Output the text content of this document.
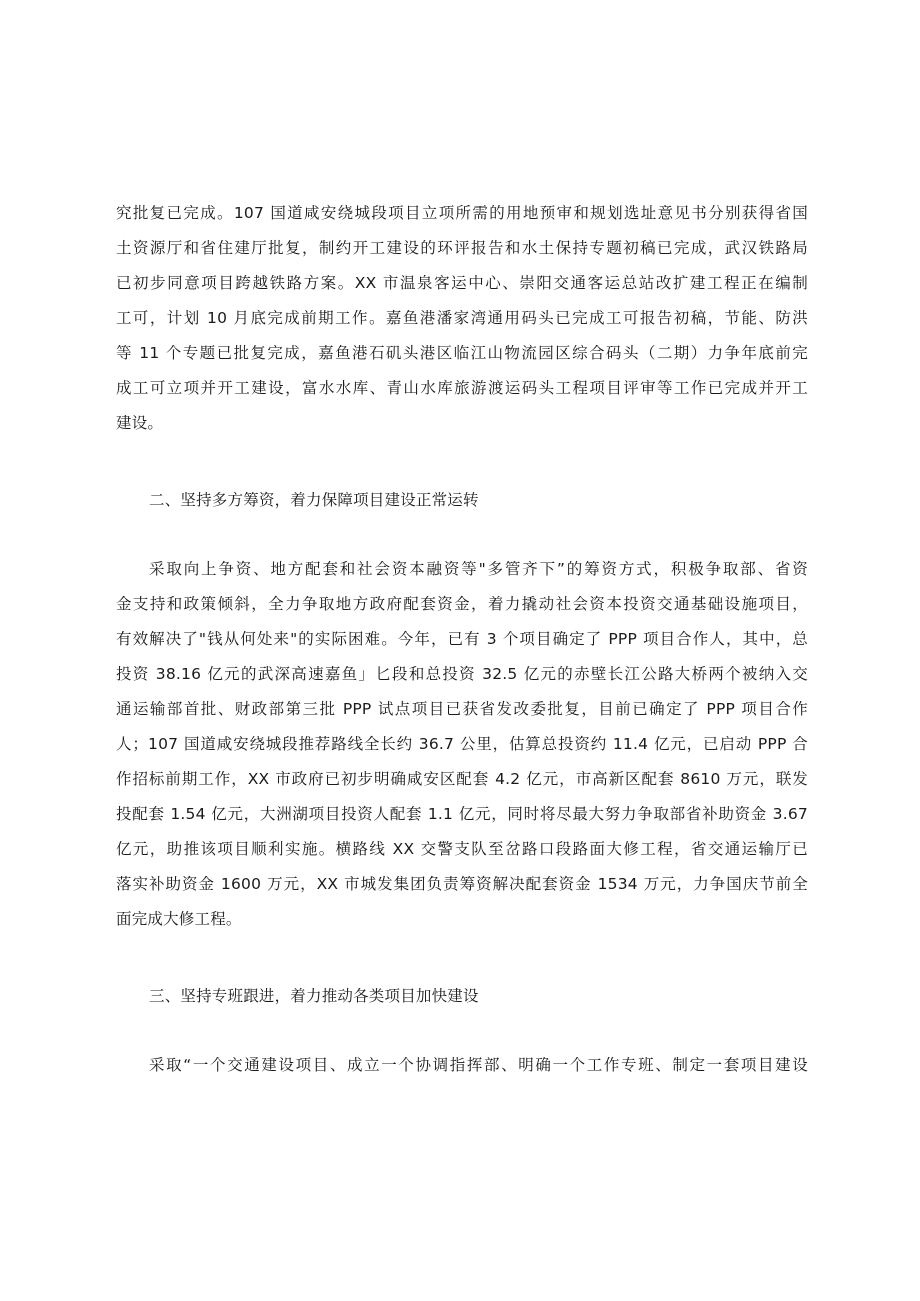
究批复已完成。107 国道咸安绕城段项目立项所需的用地预审和规划选址意见书分别获得省国
土资源厅和省住建厅批复，制约开工建设的环评报告和水土保持专题初稿已完成，武汉铁路局
已初步同意项目跨越铁路方案。XX 市温泉客运中心、崇阳交通客运总站改扩建工程正在编制
工可，计划 10 月底完成前期工作。嘉鱼港潘家湾通用码头已完成工可报告初稿，节能、防洪
等 11 个专题已批复完成，嘉鱼港石矶头港区临江山物流园区综合码头（二期）力争年底前完
成工可立项并开工建设，富水水库、青山水库旅游渡运码头工程项目评审等工作已完成并开工
建设。
二、坚持多方筹资，着力保障项目建设正常运转
采取向上争资、地方配套和社会资本融资等"多管齐下”的筹资方式，积极争取部、省资
金支持和政策倾斜，全力争取地方政府配套资金，着力撬动社会资本投资交通基础设施项目，
有效解决了"钱从何处来"的实际困难。今年，已有 3 个项目确定了 PPP 项目合作人，其中，总
投资 38.16 亿元的武深高速嘉鱼」匕段和总投资 32.5 亿元的赤壁长江公路大桥两个被纳入交
通运输部首批、财政部第三批 PPP 试点项目已获省发改委批复，目前已确定了 PPP 项目合作
人；107 国道咸安绕城段推荐路线全长约 36.7 公里，估算总投资约 11.4 亿元，已启动 PPP 合
作招标前期工作，XX 市政府已初步明确咸安区配套 4.2 亿元，市高新区配套 8610 万元，联发
投配套 1.54 亿元，大洲湖项目投资人配套 1.1 亿元，同时将尽最大努力争取部省补助资金 3.67
亿元，助推该项目顺利实施。横路线 XX 交警支队至岔路口段路面大修工程，省交通运输厅已
落实补助资金 1600 万元，XX 市城发集团负责筹资解决配套资金 1534 万元，力争国庆节前全
面完成大修工程。
三、坚持专班跟进，着力推动各类项目加快建设
采取“一个交通建设项目、成立一个协调指挥部、明确一个工作专班、制定一套项目建设
